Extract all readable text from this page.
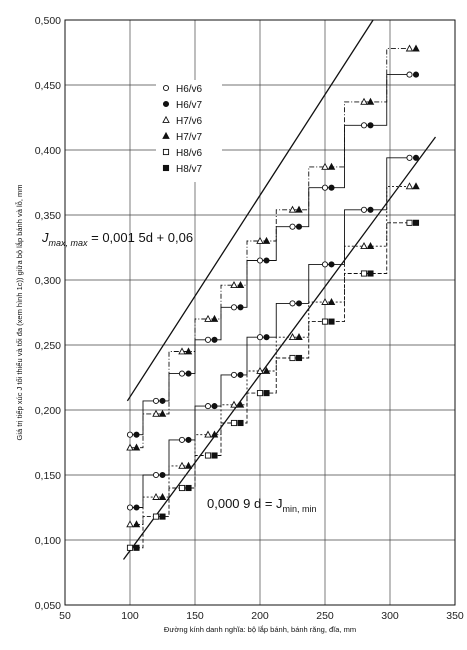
50	100	150	200	250	300	350
0,050
0,100
0,150
0,200
0,250
0,300
0,350
0,400
0,450
0,500
Đường kính danh nghĩa: bộ lắp bánh, bánh răng, đĩa, mm
Giá trị tiếp xúc J tối thiểu và tối đa (xem hình 1c)) giữa bộ lắp bánh và lỗ, mm
H6/v6
H6/v7
H7/v6
H7/v7
H8/v6
H8/v7
$J_{max, max} = 0,001$ 5d + 0,06
0,000 9 $d = J_{min, min}$
